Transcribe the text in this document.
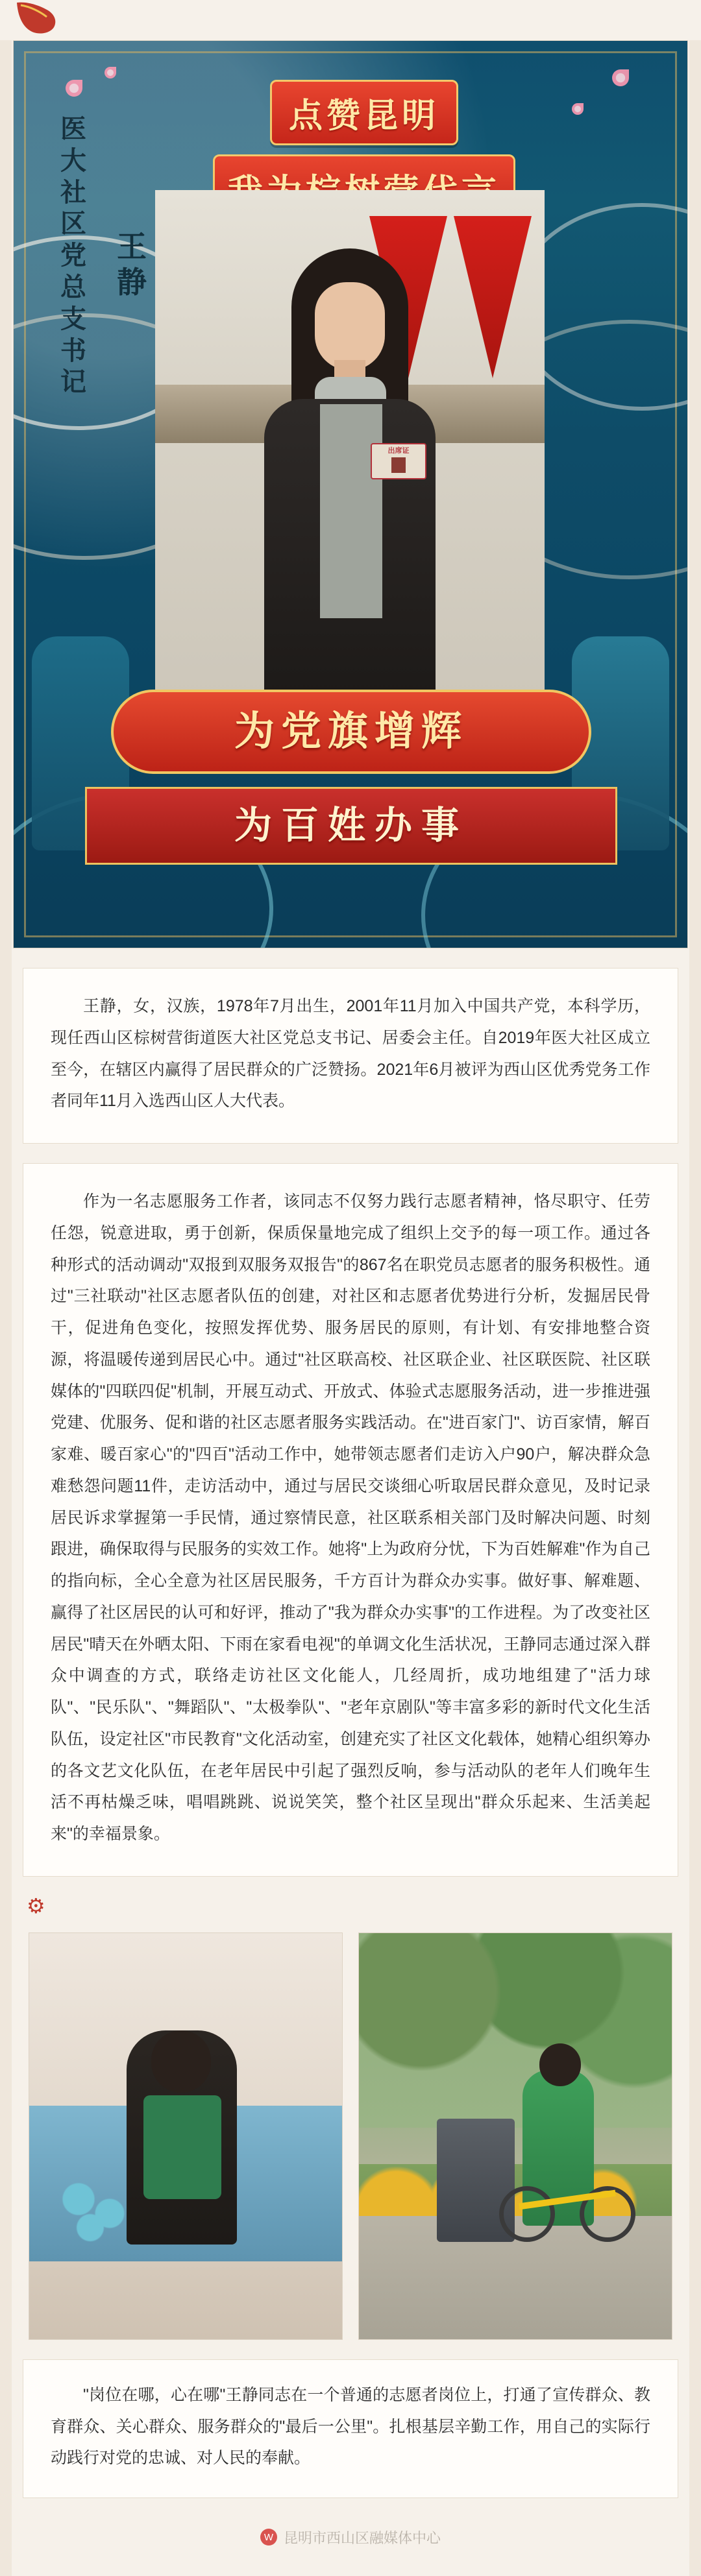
点赞昆明

医大社区党总支书记
王静
出席证
为党旗增辉
为百姓办事

王静，女，汉族，1978年7月出生，2001年11月加入中国共产党，本科学历，现任西山区棕树营街道医大社区党总支书记、居委会主任。自2019年医大社区成立至今，在辖区内赢得了居民群众的广泛赞扬。2021年6月被评为西山区优秀党务工作者同年11月入选西山区人大代表。

作为一名志愿服务工作者，该同志不仅努力践行志愿者精神，恪尽职守、任劳任怨，锐意进取，勇于创新，保质保量地完成了组织上交予的每一项工作。通过各种形式的活动调动"双报到双服务双报告"的867名在职党员志愿者的服务积极性。通过"三社联动"社区志愿者队伍的创建，对社区和志愿者优势进行分析，发掘居民骨干，促进角色变化，按照发挥优势、服务居民的原则，有计划、有安排地整合资源，将温暖传递到居民心中。通过"社区联高校、社区联企业、社区联医院、社区联媒体的"四联四促"机制，开展互动式、开放式、体验式志愿服务活动，进一步推进强党建、优服务、促和谐的社区志愿者服务实践活动。在"进百家门"、访百家情，解百家难、暖百家心"的"四百"活动工作中，她带领志愿者们走访入户90户，解决群众急难愁怨问题11件，走访活动中，通过与居民交谈细心听取居民群众意见，及时记录居民诉求掌握第一手民情，通过察情民意，社区联系相关部门及时解决问题、时刻跟进，确保取得与民服务的实效工作。她将"上为政府分忧，下为百姓解难"作为自己的指向标，全心全意为社区居民服务，千方百计为群众办实事。做好事、解难题、赢得了社区居民的认可和好评，推动了"我为群众办实事"的工作进程。为了改变社区居民"晴天在外晒太阳、下雨在家看电视"的单调文化生活状况，王静同志通过深入群众中调查的方式，联络走访社区文化能人，几经周折，成功地组建了"活力球队"、"民乐队"、"舞蹈队"、"太极拳队"、"老年京剧队"等丰富多彩的新时代文化生活队伍，设定社区"市民教育"文化活动室，创建充实了社区文化载体，她精心组织筹办的各文艺文化队伍，在老年居民中引起了强烈反响，参与活动队的老年人们晚年生活不再枯燥乏味，唱唱跳跳、说说笑笑，整个社区呈现出"群众乐起来、生活美起来"的幸福景象。

⚙

"岗位在哪，心在哪"王静同志在一个普通的志愿者岗位上，打通了宣传群众、教育群众、关心群众、服务群众的"最后一公里"。扎根基层辛勤工作，用自己的实际行动践行对党的忠诚、对人民的奉献。

W 昆明市西山区融媒体中心
